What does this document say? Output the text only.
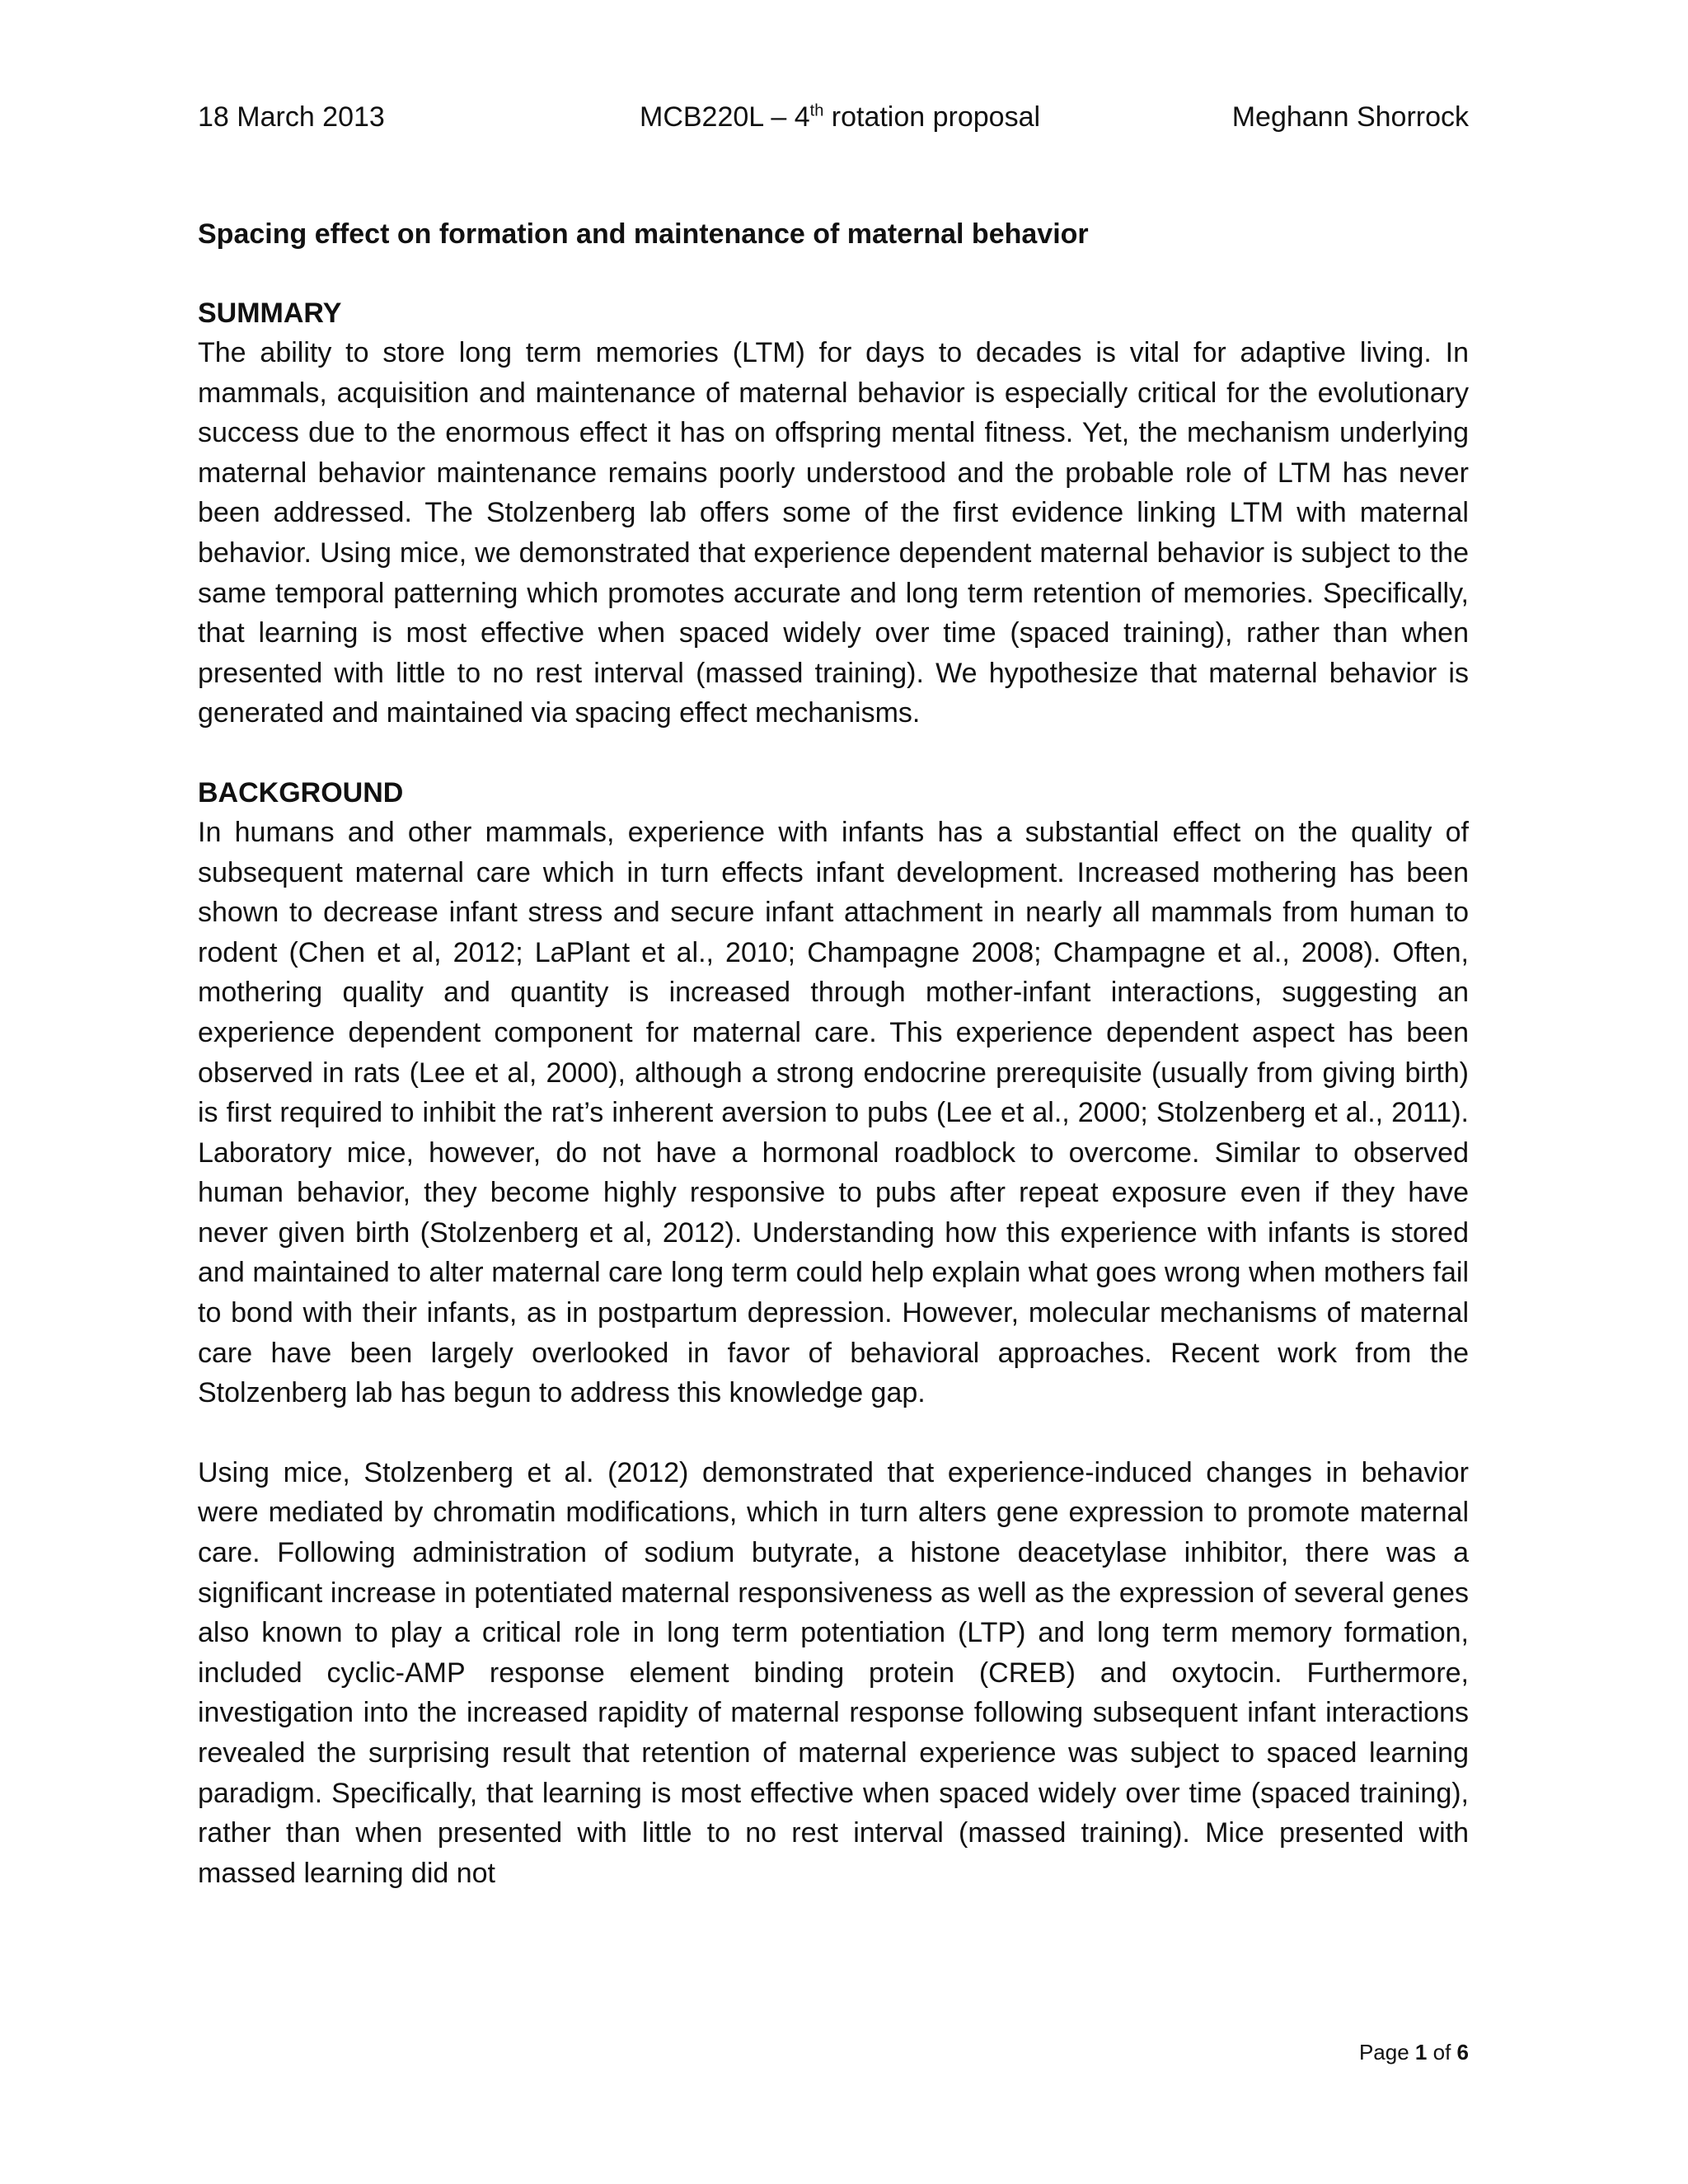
18 March 2013	MCB220L – 4th rotation proposal	Meghann Shorrock
Spacing effect on formation and maintenance of maternal behavior
SUMMARY

The ability to store long term memories (LTM) for days to decades is vital for adaptive living. In mammals, acquisition and maintenance of maternal behavior is especially critical for the evolutionary success due to the enormous effect it has on offspring mental fitness. Yet, the mechanism underlying maternal behavior maintenance remains poorly understood and the probable role of LTM has never been addressed. The Stolzenberg lab offers some of the first evidence linking LTM with maternal behavior. Using mice, we demonstrated that experience dependent maternal behavior is subject to the same temporal patterning which promotes accurate and long term retention of memories. Specifically, that learning is most effective when spaced widely over time (spaced training), rather than when presented with little to no rest interval (massed training). We hypothesize that maternal behavior is generated and maintained via spacing effect mechanisms.

BACKGROUND

In humans and other mammals, experience with infants has a substantial effect on the quality of subsequent maternal care which in turn effects infant development. Increased mothering has been shown to decrease infant stress and secure infant attachment in nearly all mammals from human to rodent (Chen et al, 2012; LaPlant et al., 2010; Champagne 2008; Champagne et al., 2008). Often, mothering quality and quantity is increased through mother-infant interactions, suggesting an experience dependent component for maternal care. This experience dependent aspect has been observed in rats (Lee et al, 2000), although a strong endocrine prerequisite (usually from giving birth) is first required to inhibit the rat’s inherent aversion to pubs (Lee et al., 2000; Stolzenberg et al., 2011). Laboratory mice, however, do not have a hormonal roadblock to overcome. Similar to observed human behavior, they become highly responsive to pubs after repeat exposure even if they have never given birth (Stolzenberg et al, 2012). Understanding how this experience with infants is stored and maintained to alter maternal care long term could help explain what goes wrong when mothers fail to bond with their infants, as in postpartum depression. However, molecular mechanisms of maternal care have been largely overlooked in favor of behavioral approaches. Recent work from the Stolzenberg lab has begun to address this knowledge gap.

Using mice, Stolzenberg et al. (2012) demonstrated that experience-induced changes in behavior were mediated by chromatin modifications, which in turn alters gene expression to promote maternal care. Following administration of sodium butyrate, a histone deacetylase inhibitor, there was a significant increase in potentiated maternal responsiveness as well as the expression of several genes also known to play a critical role in long term potentiation (LTP) and long term memory formation, included cyclic-AMP response element binding protein (CREB) and oxytocin. Furthermore, investigation into the increased rapidity of maternal response following subsequent infant interactions revealed the surprising result that retention of maternal experience was subject to spaced learning paradigm. Specifically, that learning is most effective when spaced widely over time (spaced training), rather than when presented with little to no rest interval (massed training). Mice presented with massed learning did not

Page 1 of 6
